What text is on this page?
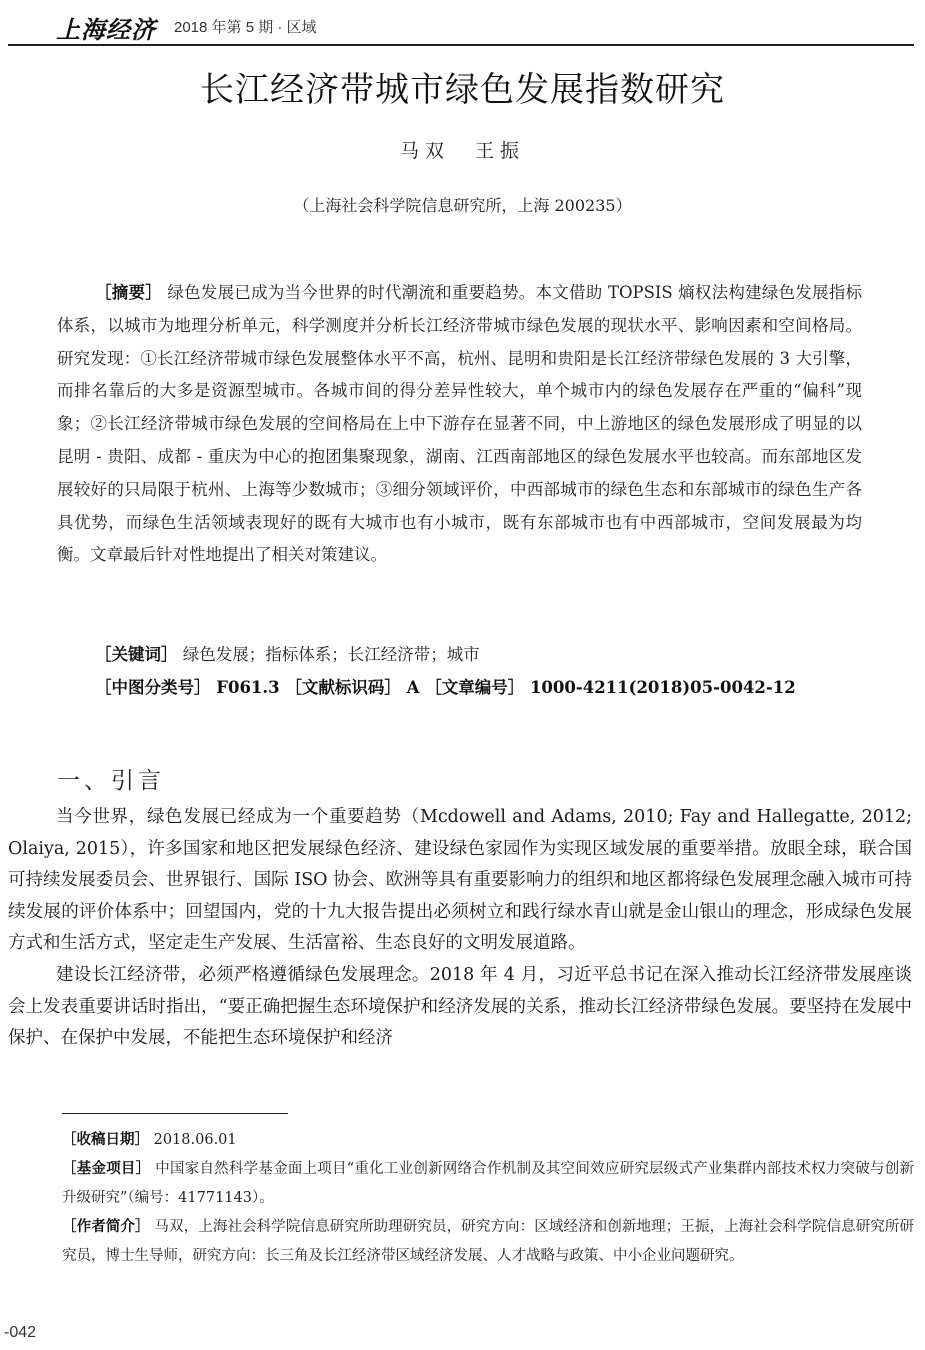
上海经济 2018 年第 5 期 · 区域
长江经济带城市绿色发展指数研究
马双　王振
（上海社会科学院信息研究所，上海 200235）
［摘要］ 绿色发展已成为当今世界的时代潮流和重要趋势。本文借助 TOPSIS 熵权法构建绿色发展指标体系，以城市为地理分析单元，科学测度并分析长江经济带城市绿色发展的现状水平、影响因素和空间格局。研究发现：①长江经济带城市绿色发展整体水平不高，杭州、昆明和贵阳是长江经济带绿色发展的 3 大引擎，而排名靠后的大多是资源型城市。各城市间的得分差异性较大，单个城市内的绿色发展存在严重的“偏科”现象；②长江经济带城市绿色发展的空间格局在上中下游存在显著不同，中上游地区的绿色发展形成了明显的以昆明 - 贵阳、成都 - 重庆为中心的抱团集聚现象，湖南、江西南部地区的绿色发展水平也较高。而东部地区发展较好的只局限于杭州、上海等少数城市；③细分领域评价，中西部城市的绿色生态和东部城市的绿色生产各具优势，而绿色生活领域表现好的既有大城市也有小城市，既有东部城市也有中西部城市，空间发展最为均衡。文章最后针对性地提出了相关对策建议。
［关键词］ 绿色发展；指标体系；长江经济带；城市
［中图分类号］ F061.3 ［文献标识码］ A ［文章编号］ 1000-4211(2018)05-0042-12
一、引言

当今世界，绿色发展已经成为一个重要趋势（Mcdowell and Adams, 2010; Fay and Hallegatte, 2012; Olaiya, 2015），许多国家和地区把发展绿色经济、建设绿色家园作为实现区域发展的重要举措。放眼全球，联合国可持续发展委员会、世界银行、国际 ISO 协会、欧洲等具有重要影响力的组织和地区都将绿色发展理念融入城市可持续发展的评价体系中；回望国内，党的十九大报告提出必须树立和践行绿水青山就是金山银山的理念，形成绿色发展方式和生活方式，坚定走生产发展、生活富裕、生态良好的文明发展道路。

建设长江经济带，必须严格遵循绿色发展理念。2018 年 4 月，习近平总书记在深入推动长江经济带发展座谈会上发表重要讲话时指出，“要正确把握生态环境保护和经济发展的关系，推动长江经济带绿色发展。要坚持在发展中保护、在保护中发展，不能把生态环境保护和经济

［收稿日期］ 2018.06.01

［基金项目］ 中国家自然科学基金面上项目“重化工业创新网络合作机制及其空间效应研究层级式产业集群内部技术权力突破与创新升级研究”（编号：41771143）。

［作者简介］ 马双，上海社会科学院信息研究所助理研究员，研究方向：区域经济和创新地理；王振，上海社会科学院信息研究所研究员，博士生导师，研究方向：长三角及长江经济带区域经济发展、人才战略与政策、中小企业问题研究。

-042
